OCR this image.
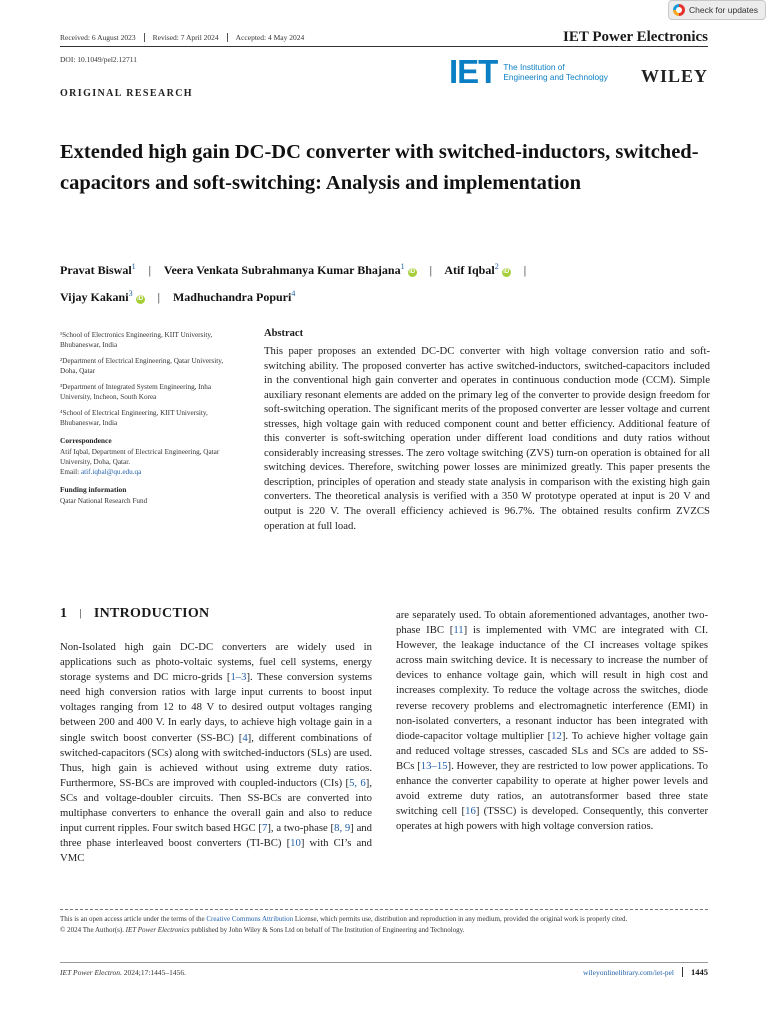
Check for updates
Received: 6 August 2023	Revised: 7 April 2024	Accepted: 4 May 2024	IET Power Electronics
DOI: 10.1049/pel2.12711	IET The Institution of
Engineering and Technology WILEY
ORIGINAL RESEARCH
Extended high gain DC-DC converter with switched-inductors, switched-capacitors and soft-switching: Analysis and implementation
Pravat Biswal$^1$ | Veera Venkata Subrahmanya Kumar Bhajana$^1$iD | Atif Iqbal$^2$iD |
Vijay Kakani$^3$iD | Madhuchandra Popuri$^4$

¹School of Electronics Engineering, KIIT University, Bhubaneswar, India

²Department of Electrical Engineering, Qatar University, Doha, Qatar

³Department of Integrated System Engineering, Inha University, Incheon, South Korea

⁴School of Electrical Engineering, KIIT University, Bhubaneswar, India

Correspondence

Atif Iqbal, Department of Electrical Engineering, Qatar University, Doha, Qatar.
Email: atif.iqbal@qu.edu.qa

Funding information

Qatar National Research Fund

Abstract
This paper proposes an extended DC-DC converter with high voltage conversion ratio and soft-switching ability. The proposed converter has active switched-inductors, switched-capacitors included in the conventional high gain converter and operates in continuous conduction mode (CCM). Simple auxiliary resonant elements are added on the primary leg of the converter to provide design freedom for soft-switching operation. The significant merits of the proposed converter are lesser voltage and current stresses, high voltage gain with reduced component count and better efficiency. Additional feature of this converter is soft-switching operation under different load conditions and duty ratios without considerably increasing stresses. The zero voltage switching (ZVS) turn-on operation is obtained for all switching devices. Therefore, switching power losses are minimized greatly. This paper presents the description, principles of operation and steady state analysis in comparison with the existing high gain converters. The theoretical analysis is verified with a 350 W prototype operated at input is 20 V and output is 220 V. The overall efficiency achieved is 96.7%. The obtained results confirm ZVZCS operation at full load.
1 | INTRODUCTION
Non-Isolated high gain DC-DC converters are widely used in applications such as photo-voltaic systems, fuel cell systems, energy storage systems and DC micro-grids [1–3]. These conversion systems need high conversion ratios with large input currents to boost input voltages ranging from 12 to 48 V to desired output voltages ranging between 200 and 400 V. In early days, to achieve high voltage gain in a single switch boost converter (SS-BC) [4], different combinations of switched-capacitors (SCs) along with switched-inductors (SLs) are used. Thus, high gain is achieved without using extreme duty ratios. Furthermore, SS-BCs are improved with coupled-inductors (CIs) [5, 6], SCs and voltage-doubler circuits. Then SS-BCs are converted into multiphase converters to enhance the overall gain and also to reduce input current ripples. Four switch based HGC [7], a two-phase [8, 9] and three phase interleaved boost converters (TI-BC) [10] with CI’s and VMC
are separately used. To obtain aforementioned advantages, another two-phase IBC [11] is implemented with VMC are integrated with CI. However, the leakage inductance of the CI increases voltage spikes across main switching device. It is necessary to increase the number of devices to enhance voltage gain, which will result in high cost and increases complexity. To reduce the voltage across the switches, diode reverse recovery problems and electromagnetic interference (EMI) in non-isolated converters, a resonant inductor has been integrated with diode-capacitor voltage multiplier [12]. To achieve higher voltage gain and reduced voltage stresses, cascaded SLs and SCs are added to SS-BCs [13–15]. However, they are restricted to low power applications. To enhance the converter capability to operate at higher power levels and avoid extreme duty ratios, an autotransformer based three state switching cell [16] (TSSC) is developed. Consequently, this converter operates at high powers with high voltage conversion ratios.
This is an open access article under the terms of the Creative Commons Attribution License, which permits use, distribution and reproduction in any medium, provided the original work is properly cited.
© 2024 The Author(s). IET Power Electronics published by John Wiley & Sons Ltd on behalf of The Institution of Engineering and Technology.
IET Power Electron. 2024;17:1445–1456.	wileyonlinelibrary.com/iet-pel	1445
